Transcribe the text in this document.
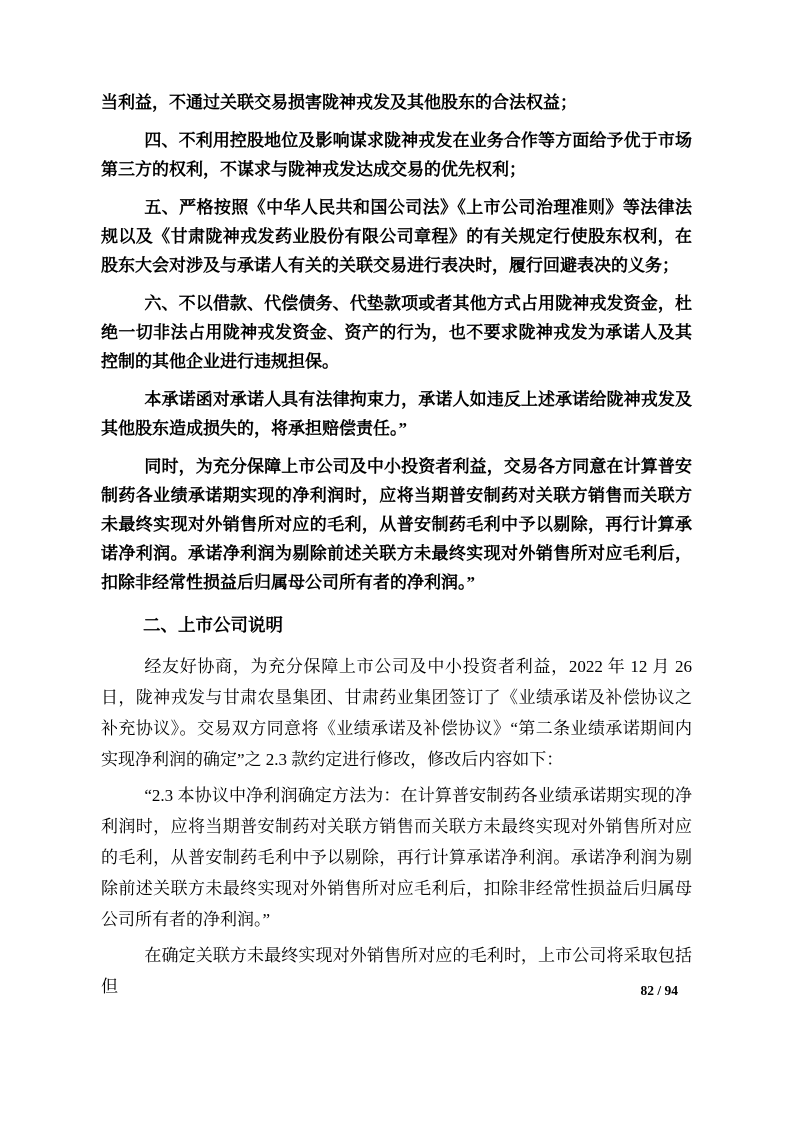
当利益，不通过关联交易损害陇神戎发及其他股东的合法权益；

四、不利用控股地位及影响谋求陇神戎发在业务合作等方面给予优于市场第三方的权利，不谋求与陇神戎发达成交易的优先权利；

五、严格按照《中华人民共和国公司法》《上市公司治理准则》等法律法规以及《甘肃陇神戎发药业股份有限公司章程》的有关规定行使股东权利，在股东大会对涉及与承诺人有关的关联交易进行表决时，履行回避表决的义务；

六、不以借款、代偿债务、代垫款项或者其他方式占用陇神戎发资金，杜绝一切非法占用陇神戎发资金、资产的行为，也不要求陇神戎发为承诺人及其控制的其他企业进行违规担保。

本承诺函对承诺人具有法律拘束力，承诺人如违反上述承诺给陇神戎发及其他股东造成损失的，将承担赔偿责任。”

同时，为充分保障上市公司及中小投资者利益，交易各方同意在计算普安制药各业绩承诺期实现的净利润时，应将当期普安制药对关联方销售而关联方未最终实现对外销售所对应的毛利，从普安制药毛利中予以剔除，再行计算承诺净利润。承诺净利润为剔除前述关联方未最终实现对外销售所对应毛利后，扣除非经常性损益后归属母公司所有者的净利润。”

二、上市公司说明

经友好协商，为充分保障上市公司及中小投资者利益，2022 年 12 月 26 日，陇神戎发与甘肃农垦集团、甘肃药业集团签订了《业绩承诺及补偿协议之补充协议》。交易双方同意将《业绩承诺及补偿协议》“第二条业绩承诺期间内实现净利润的确定”之 2.3 款约定进行修改，修改后内容如下：

“2.3 本协议中净利润确定方法为：在计算普安制药各业绩承诺期实现的净利润时，应将当期普安制药对关联方销售而关联方未最终实现对外销售所对应的毛利，从普安制药毛利中予以剔除，再行计算承诺净利润。承诺净利润为剔除前述关联方未最终实现对外销售所对应毛利后，扣除非经常性损益后归属母公司所有者的净利润。”

在确定关联方未最终实现对外销售所对应的毛利时，上市公司将采取包括但	82 / 94
